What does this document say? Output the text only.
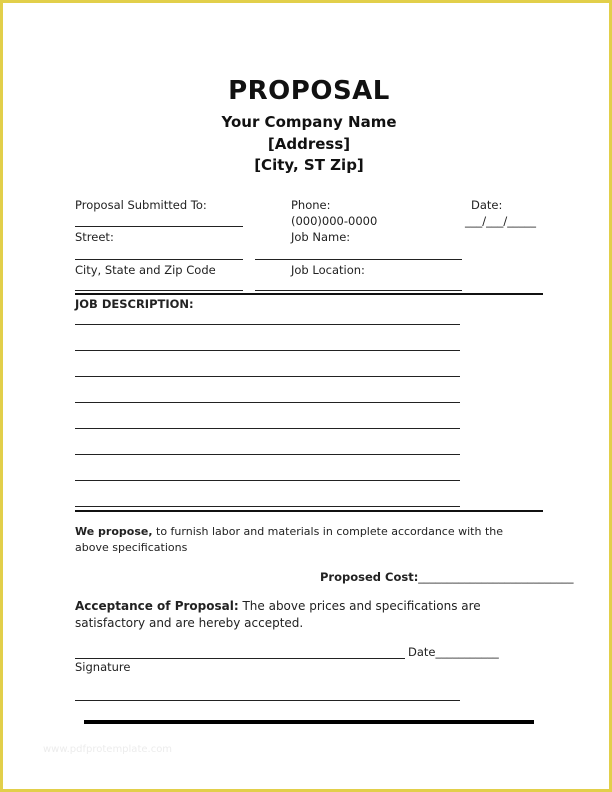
PROPOSAL
Your Company Name
[Address]
[City, ST Zip]
Proposal Submitted To:	Phone:
(000)000-0000
Date:
___/___/_____
Street:	Job Name:
City, State and Zip Code	Job Location:
JOB DESCRIPTION:
We propose, to furnish labor and materials in complete accordance with the above specifications
Proposed Cost:___________________________
Acceptance of Proposal: The above prices and specifications are satisfactory and are hereby accepted.
Date___________
Signature
www.pdfprotemplate.com
